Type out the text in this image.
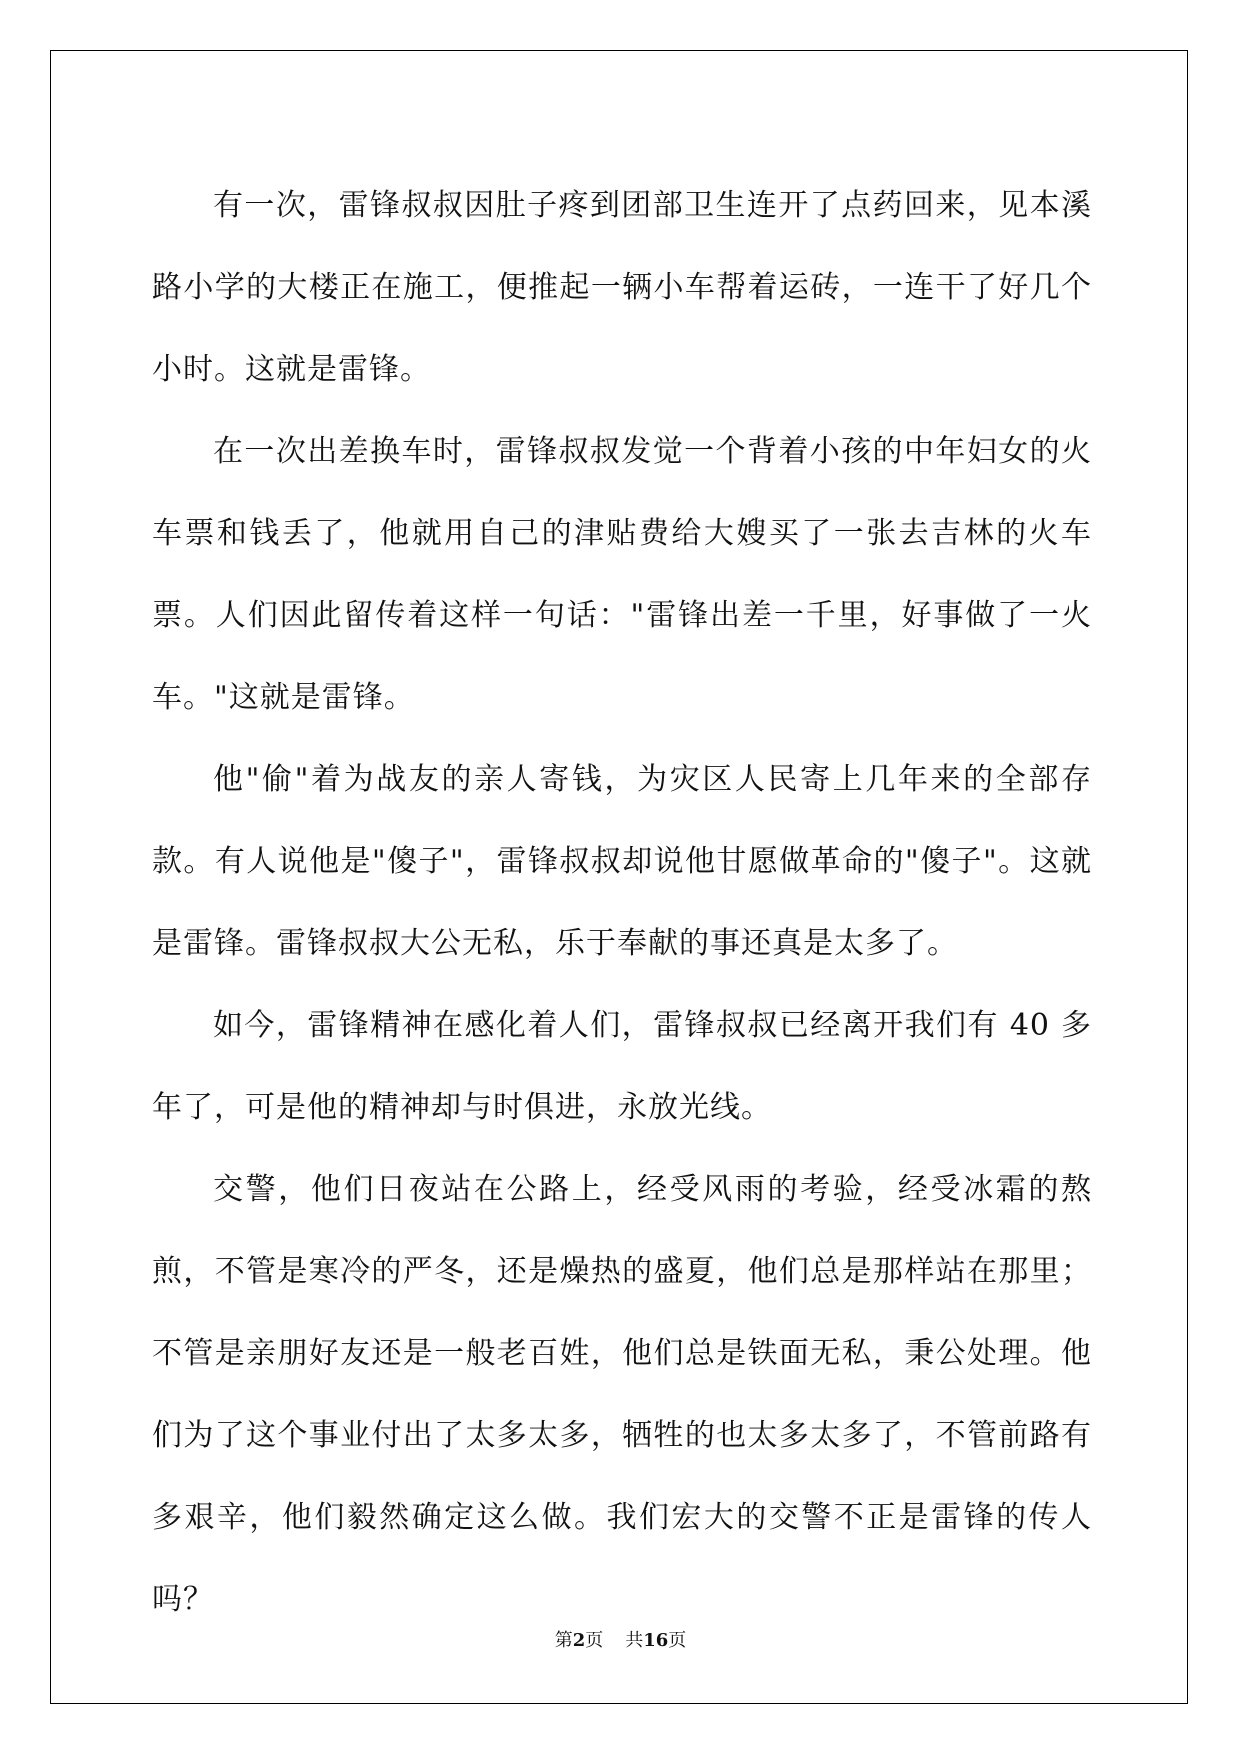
有一次，雷锋叔叔因肚子疼到团部卫生连开了点药回来，见本溪路小学的大楼正在施工，便推起一辆小车帮着运砖，一连干了好几个小时。这就是雷锋。

在一次出差换车时，雷锋叔叔发觉一个背着小孩的中年妇女的火车票和钱丢了，他就用自己的津贴费给大嫂买了一张去吉林的火车票。人们因此留传着这样一句话："雷锋出差一千里，好事做了一火车。"这就是雷锋。

他"偷"着为战友的亲人寄钱，为灾区人民寄上几年来的全部存款。有人说他是"傻子"，雷锋叔叔却说他甘愿做革命的"傻子"。这就是雷锋。雷锋叔叔大公无私，乐于奉献的事还真是太多了。

如今，雷锋精神在感化着人们，雷锋叔叔已经离开我们有 40 多年了，可是他的精神却与时俱进，永放光线。

交警，他们日夜站在公路上，经受风雨的考验，经受冰霜的熬煎，不管是寒冷的严冬，还是燥热的盛夏，他们总是那样站在那里；不管是亲朋好友还是一般老百姓，他们总是铁面无私，秉公处理。他们为了这个事业付出了太多太多，牺牲的也太多太多了，不管前路有多艰辛，他们毅然确定这么做。我们宏大的交警不正是雷锋的传人吗？

第2页 共16页
